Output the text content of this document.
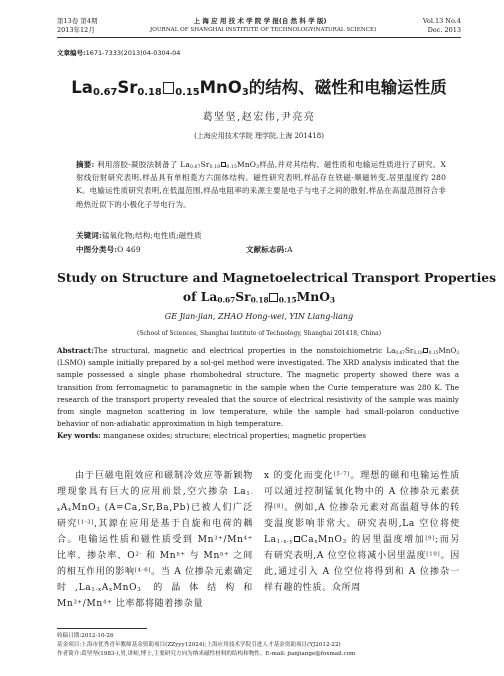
第13卷 第4期
2013年12月
上 海 应 用 技 术 学 院 学 报(自 然 科 学 版)
JOURNAL OF SHANGHAI INSTITUTE OF TECHNOLOGY(NATURAL SCIENCE)
Vol.13 No.4
Dec. 2013
文章编号:1671-7333(2013)04-0304-04
$La_{0.67}Sr_{0.18}$ $_{0.15}$MnO$_3$的结构、磁性和电输运性质
葛坚坚,赵宏伟,尹亮亮
(上海应用技术学院 理学院,上海 201418)
摘要: 利用溶胶-凝胶法制备了 $La_{0.67}Sr_{0.18}$ $_{0.15}$MnO$_3$样品,并对其结构、磁性质和电输运性质进行了研究。X射线衍射研究表明,样品具有单相菱方六面体结构。磁性研究表明,样品存在铁磁-顺磁转变,居里温度约 280 K。电输运性质研究表明,在低温范围,样品电阻率的来源主要是电子与电子之间的散射,样品在高温范围符合非绝热近似下的小极化子导电行为。
关键词:锰氧化物;结构;电性质;磁性质
中图分类号:O 469	文献标志码:A
Study on Structure and Magnetoelectrical Transport Properties
of $La_{0.67}Sr_{0.18}$ $_{0.15}$MnO$_3$
GE Jian-jian, ZHAO Hong-wei, YIN Liang-liang
(School of Sciences, Shanghai Institute of Technology, Shanghai 201418, China)
Abstract:The structural, magnetic and electrical properties in the nonstoichiometric $La_{0.67}Sr_{0.18}$ $_{0.15}$MnO$_3$ (LSMO) sample initially prepared by a sol-gel method were investigated. The XRD analysis indicated that the sample possessed a single phase rhombohedral structure. The magnetic property showed there was a transition from ferromagnetic to paramagnetic in the sample when the Curie temperature was 280 K. The research of the transport property revealed that the source of electrical resistivity of the sample was mainly from single magneton scattering in low temperature, while the sample had small-polaron conductive behavior of non-adiabatic approximation in high temperature.
Key words: manganese oxides; structure; electrical properties; magnetic properties
由于巨磁电阻效应和磁制冷效应等新颖物理现象具有巨大的应用前景,空穴掺杂 $La_{1-x}A_xMnO_3$ (A=Ca,Sr,Ba,Pb)已被人们广泛研究[1-3],其源在应用是基于自旋和电荷的耦合。电输运性质和磁性质受到 $Mn^{3+}/Mn^{4+}$ 比率、掺杂率、$O^{2-}$ 和 $Mn^{n+}$ 与 $Mn^{n+}$ 之间的相互作用的影响[4-6]。当 A 位掺杂元素确定时$,La_{1-x}A_xMnO_3$ 的晶体结构和 $Mn^{3+}/Mn^{4+}$ 比率都将随着掺杂量
x 的变化而变化[5-7]。理想的磁和电输运性质可以通过控制锰氧化物中的 A 位掺杂元素获得[8]。例如,A 位掺杂元素对高温超导体的转变温度影响非常大。研究表明,La 空位将使 $La_{1-x-y}$ $Ca_xMnO_3$ 的居里温度增加[9];而另有研究表明,A 位空位将减小居里温度[10]。因此,通过引入 A 位空位将得到和 A 位掺杂一样有趣的性质。众所周
收稿日期:2012-10-26
基金项目:上海市优秀青年教师基金资助项目(ZZyyy12024);上海应用技术学院引进人才基金资助项目(YJ2012-22)
作者简介:葛坚坚(1983-),男,讲师,博士,主要研究方向为纳米磁性材料的结构和物性。E-mail: jianjiange@foxmail.com
